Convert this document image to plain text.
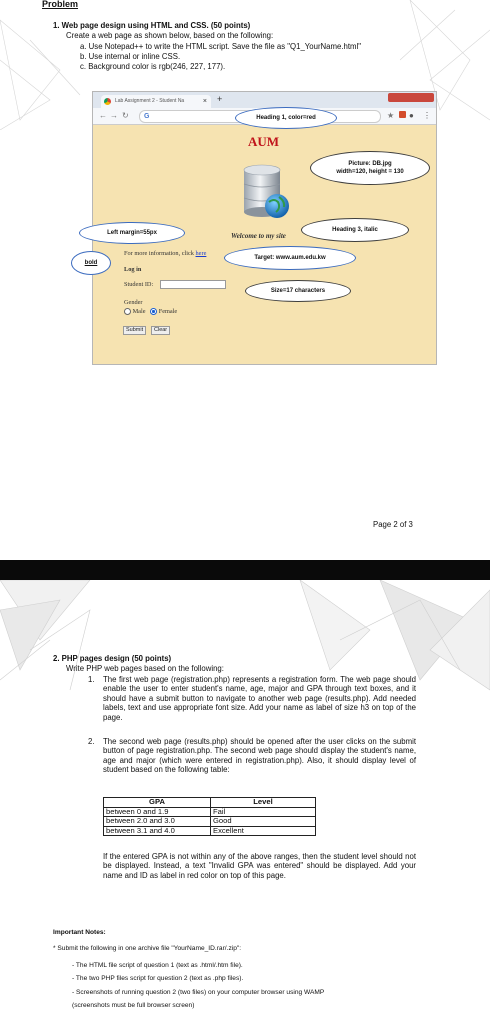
Problem
1. Web page design using HTML and CSS. (50 points)
Create a web page as shown below, based on the following:
a. Use Notepad++ to write the HTML script. Save the file as "Q1_YourName.html"
b. Use internal or inline CSS.
c. Background color is rgb(246, 227, 177).
Lab Assignment 2 - Student Na	× +
← → ↻ G	★ ● ⋮
AUM
Welcome to my site
For more information, click here
Log in
Student ID:
Gender
Male Female
Submit	Clear
Heading 1, color=red
Picture: DB.jpg
width=120, height = 130
Left margin=55px	Heading 3, italic
bold
Target: www.aum.edu.kw
Size=17 characters
Page 2 of 3
2. PHP pages design (50 points)
Write PHP web pages based on the following:
1. The first web page (registration.php) represents a registration form. The web page should enable the user to enter student's name, age, major and GPA through text boxes, and it should have a submit button to navigate to another web page (results.php). Add needed labels, text and use appropriate font size. Add your name as label of size h3 on top of the page.
2. The second web page (results.php) should be opened after the user clicks on the submit button of page registration.php. The second web page should display the student's name, age and major (which were entered in registration.php). Also, it should display level of student based on the following table:
GPA	Level
between 0 and 1.9	Fail
between 2.0 and 3.0	Good
between 3.1 and 4.0	Excellent
If the entered GPA is not within any of the above ranges, then the student level should not be displayed. Instead, a text "Invalid GPA was entered" should be displayed. Add your name and ID as label in red color on top of this page.
Important Notes:
* Submit the following in one archive file "YourName_ID.rar/.zip":
- The HTML file script of question 1 (text as .html/.htm file).
- The two PHP files script for question 2 (text as .php files).
- Screenshots of running question 2 (two files) on your computer browser using WAMP
(screenshots must be full browser screen)
